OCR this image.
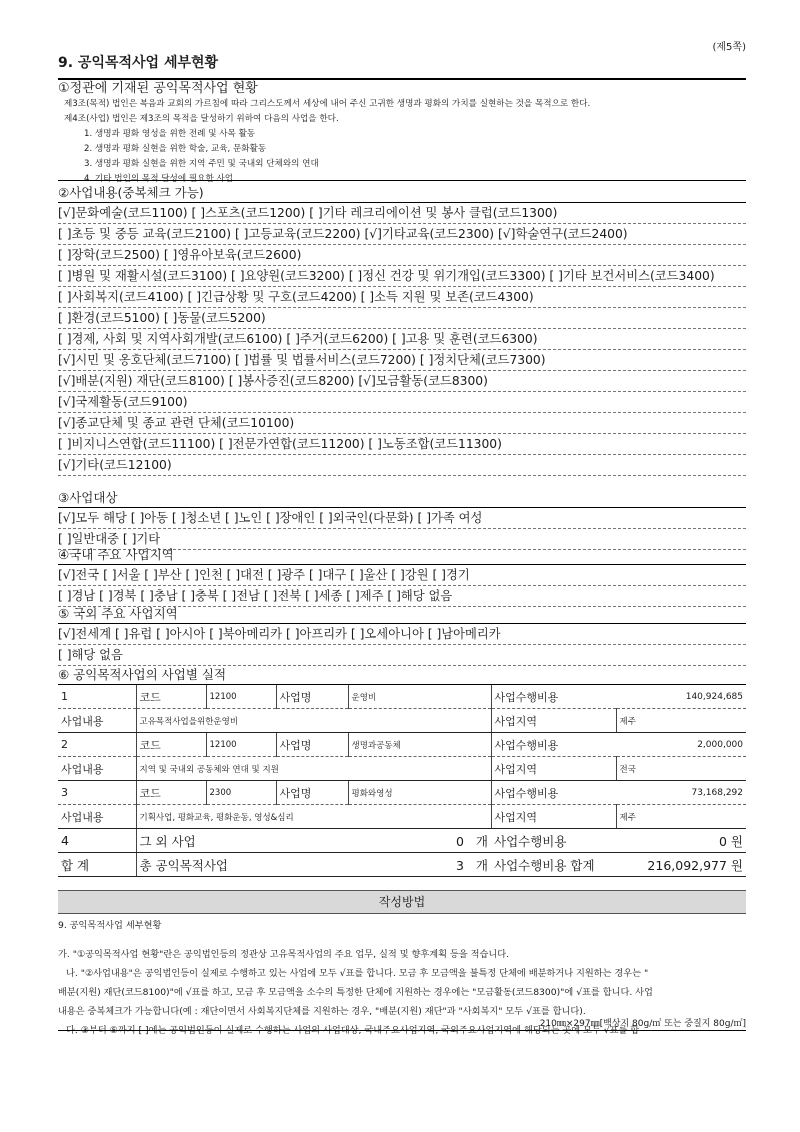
(제5쪽)
9. 공익목적사업 세부현황
①정관에 기재된 공익목적사업 현황
제3조(목적) 법인은 복음과 교회의 가르침에 따라 그리스도께서 세상에 내어 주신 고귀한 생명과 평화의 가치를 실현하는 것을 목적으로 한다.
제4조(사업) 법인은 제3조의 목적을 달성하기 위하여 다음의 사업을 한다.
1. 생명과 평화 영성을 위한 전례 및 사목 활동
2. 생명과 평화 실현을 위한 학술, 교육, 문화활동
3. 생명과 평화 실현을 위한 지역 주민 및 국내외 단체와의 연대
4. 기타 법인의 목적 달성에 필요한 사업
②사업내용(중복체크 가능)
[√]문화예술(코드1100) [ ]스포츠(코드1200) [ ]기타 레크리에이션 및 봉사 클럽(코드1300)
[ ]초등 및 중등 교육(코드2100) [ ]고등교육(코드2200) [√]기타교육(코드2300) [√]학술연구(코드2400)
[ ]장학(코드2500) [ ]영유아보육(코드2600)
[ ]병원 및 재활시설(코드3100) [ ]요양원(코드3200) [ ]정신 건강 및 위기개입(코드3300) [ ]기타 보건서비스(코드3400)
[ ]사회복지(코드4100) [ ]긴급상황 및 구호(코드4200) [ ]소득 지원 및 보존(코드4300)
[ ]환경(코드5100) [ ]동물(코드5200)
[ ]경제, 사회 및 지역사회개발(코드6100) [ ]주거(코드6200) [ ]고용 및 훈련(코드6300)
[√]시민 및 옹호단체(코드7100) [ ]법률 및 법률서비스(코드7200) [ ]정치단체(코드7300)
[√]배분(지원) 재단(코드8100) [ ]봉사증진(코드8200) [√]모금활동(코드8300)
[√]국제활동(코드9100)
[√]종교단체 및 종교 관련 단체(코드10100)
[ ]비지니스연합(코드11100) [ ]전문가연합(코드11200) [ ]노동조합(코드11300)
[√]기타(코드12100)
③사업대상
[√]모두 해당 [ ]아동 [ ]청소년 [ ]노인 [ ]장애인 [ ]외국인(다문화) [ ]가족 여성
[ ]일반대중 [ ]기타
④국내 주요 사업지역
[√]전국 [ ]서울 [ ]부산 [ ]인천 [ ]대전 [ ]광주 [ ]대구 [ ]울산 [ ]강원 [ ]경기
[ ]경남 [ ]경북 [ ]충남 [ ]충북 [ ]전남 [ ]전북 [ ]세종 [ ]제주 [ ]해당 없음
⑤ 국외 주요 사업지역
[√]전세계 [ ]유럽 [ ]아시아 [ ]북아메리카 [ ]아프리카 [ ]오세아니아 [ ]남아메리카
[ ]해당 없음
⑥ 공익목적사업의 사업별 실적
1	코드	12100	사업명	운영비	사업수행비용	140,924,685
사업내용	고유목적사업을위한운영비				사업지역	제주
2	코드	12100	사업명	생명과공동체	사업수행비용	2,000,000
사업내용	지역 및 국내외 공동체와 연대 및 지원				사업지역	전국
3	코드	2300	사업명	평화와영성	사업수행비용	73,168,292
사업내용	기획사업, 평화교육, 평화운동, 영성&심리				사업지역	제주
4	그 외 사업		0 개		사업수행비용	0 원
합 계	총 공익목적사업		3 개		사업수행비용 합계	216,092,977 원
작성방법
9. 공익목적사업 세부현황
가. "①공익목적사업 현황"란은 공익법인등의 정관상 고유목적사업의 주요 업무, 실적 및 향후계획 등을 적습니다.
나. "②사업내용"은 공익법인등이 실제로 수행하고 있는 사업에 모두 √표를 합니다. 모금 후 모금액을 불특정 단체에 배분하거나 지원하는 경우는 "
배분(지원) 재단(코드8100)"에 √표를 하고, 모금 후 모금액을 소수의 특정한 단체에 지원하는 경우에는 "모금활동(코드8300)"에 √표를 합니다. 사업
내용은 중복체크가 가능합니다(예 : 재단이면서 사회복지단체를 지원하는 경우, "배분(지원) 재단"과 "사회복지" 모두 √표를 합니다).
다. ③부터 ⑤까지 [ ]에는 공익법인등이 실제로 수행하는 사업의 사업대상, 국내주요사업지역, 국외주요사업지역에 해당되는 곳에 모두 √표를 합
210㎜×297㎜[백상지 80g/㎡ 또는 중질지 80g/㎡]
